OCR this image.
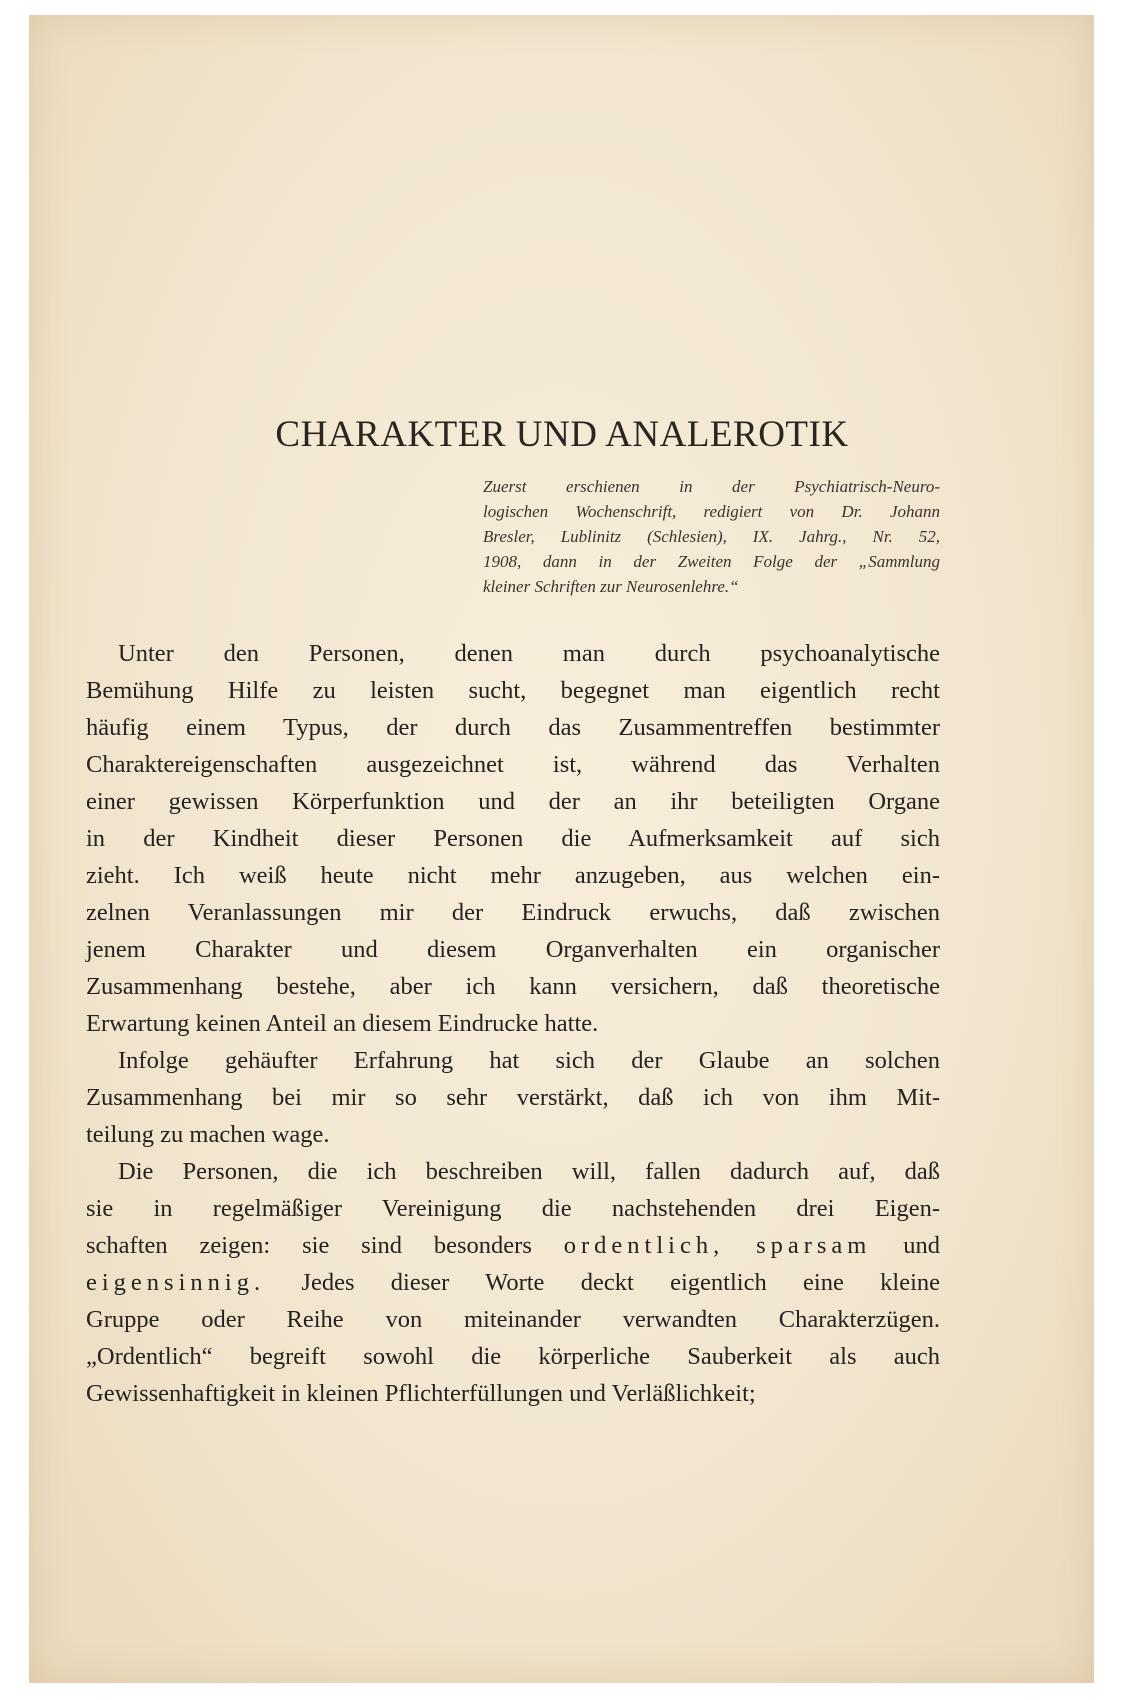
CHARAKTER UND ANALEROTIK
Zuerst erschienen in der Psychiatrisch-Neuro-
logischen Wochenschrift, redigiert von Dr. Johann
Bresler, Lublinitz (Schlesien), IX. Jahrg., Nr. 52,
1908, dann in der Zweiten Folge der „Sammlung
kleiner Schriften zur Neurosenlehre.“
Unter den Personen, denen man durch psychoanalytische
Bemühung Hilfe zu leisten sucht, begegnet man eigentlich recht
häufig einem Typus, der durch das Zusammentreffen bestimmter
Charaktereigenschaften ausgezeichnet ist, während das Verhalten
einer gewissen Körperfunktion und der an ihr beteiligten Organe
in der Kindheit dieser Personen die Aufmerksamkeit auf sich
zieht. Ich weiß heute nicht mehr anzugeben, aus welchen ein-
zelnen Veranlassungen mir der Eindruck erwuchs, daß zwischen
jenem Charakter und diesem Organverhalten ein organischer
Zusammenhang bestehe, aber ich kann versichern, daß theoretische
Erwartung keinen Anteil an diesem Eindrucke hatte.
Infolge gehäufter Erfahrung hat sich der Glaube an solchen
Zusammenhang bei mir so sehr verstärkt, daß ich von ihm Mit-
teilung zu machen wage.
Die Personen, die ich beschreiben will, fallen dadurch auf, daß
sie in regelmäßiger Vereinigung die nachstehenden drei Eigen-
schaften zeigen: sie sind besonders ordentlich, sparsam und
eigensinnig. Jedes dieser Worte deckt eigentlich eine kleine
Gruppe oder Reihe von miteinander verwandten Charakterzügen.
„Ordentlich“ begreift sowohl die körperliche Sauberkeit als auch
Gewissenhaftigkeit in kleinen Pflichterfüllungen und Verläßlichkeit;
